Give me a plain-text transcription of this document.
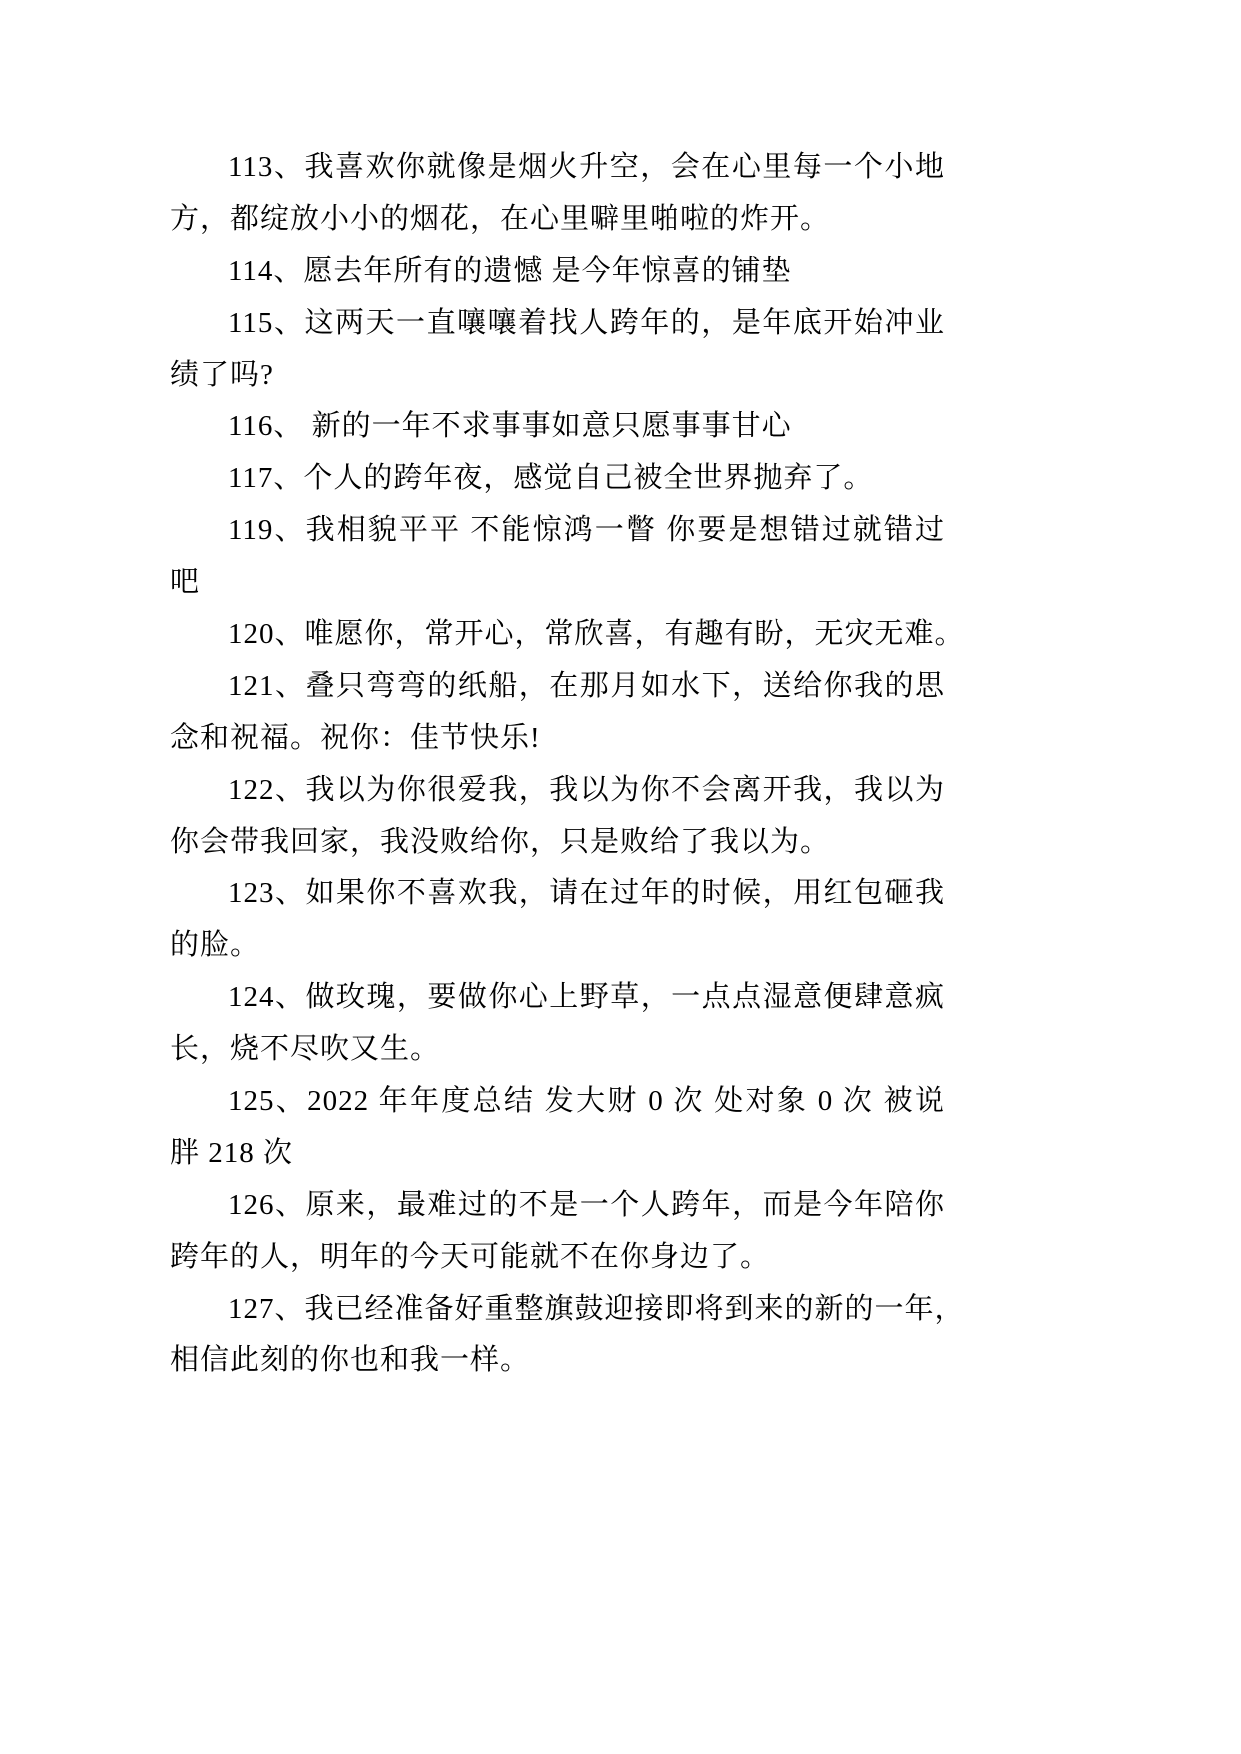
113、我喜欢你就像是烟火升空，会在心里每一个小地
方，都绽放小小的烟花，在心里噼里啪啦的炸开。
114、愿去年所有的遗憾 是今年惊喜的铺垫
115、这两天一直嚷嚷着找人跨年的，是年底开始冲业
绩了吗?
116、 新的一年不求事事如意只愿事事甘心
117、个人的跨年夜，感觉自己被全世界抛弃了。
119、我相貌平平 不能惊鸿一瞥 你要是想错过就错过
吧
120、唯愿你，常开心，常欣喜，有趣有盼，无灾无难。
121、叠只弯弯的纸船，在那月如水下，送给你我的思
念和祝福。祝你：佳节快乐!
122、我以为你很爱我，我以为你不会离开我，我以为
你会带我回家，我没败给你，只是败给了我以为。
123、如果你不喜欢我，请在过年的时候，用红包砸我
的脸。
124、做玫瑰，要做你心上野草，一点点湿意便肆意疯
长，烧不尽吹又生。
125、2022 年年度总结 发大财 0 次 处对象 0 次 被说
胖 218 次
126、原来，最难过的不是一个人跨年，而是今年陪你
跨年的人，明年的今天可能就不在你身边了。
127、我已经准备好重整旗鼓迎接即将到来的新的一年，
相信此刻的你也和我一样。
